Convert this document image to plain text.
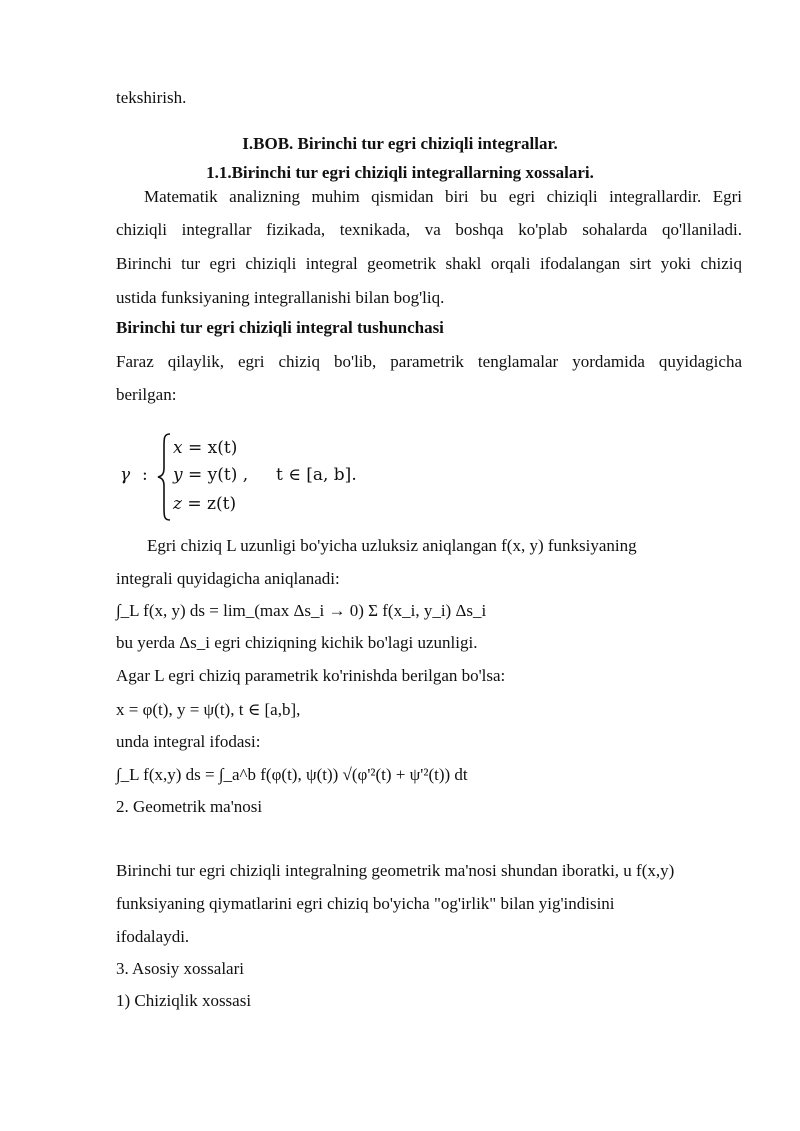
tekshirish.
I.BOB. Birinchi tur egri chiziqli integrallar.
1.1.Birinchi tur egri chiziqli integrallarning xossalari.
Matematik analizning muhim qismidan biri bu egri chiziqli integrallardir. Egri
chiziqli integrallar fizikada, texnikada, va boshqa ko'plab sohalarda qo'llaniladi.
Birinchi tur egri chiziqli integral geometrik shakl orqali ifodalangan sirt yoki chiziq
ustida funksiyaning integrallanishi bilan bog'liq.
Birinchi tur egri chiziqli integral tushunchasi
Faraz qilaylik, egri chiziq bo'lib, parametrik tenglamalar yordamida quyidagicha
berilgan:
γ :
x = x(t)
y = y(t) ,
z = z(t)
t ∈ [a, b].
Egri chiziq L uzunligi bo'yicha uzluksiz aniqlangan f(x, y) funksiyaning
integrali quyidagicha aniqlanadi:
∫_L f(x, y) ds = lim_(max Δs_i → 0) Σ f(x_i, y_i) Δs_i
bu yerda Δs_i egri chiziqning kichik bo'lagi uzunligi.
Agar L egri chiziq parametrik ko'rinishda berilgan bo'lsa:
x = φ(t), y = ψ(t), t ∈ [a,b],
unda integral ifodasi:
∫_L f(x,y) ds = ∫_a^b f(φ(t), ψ(t)) √(φ'²(t) + ψ'²(t)) dt
2. Geometrik ma'nosi
Birinchi tur egri chiziqli integralning geometrik ma'nosi shundan iboratki, u f(x,y)
funksiyaning qiymatlarini egri chiziq bo'yicha "og'irlik" bilan yig'indisini
ifodalaydi.
3. Asosiy xossalari
1) Chiziqlik xossasi
